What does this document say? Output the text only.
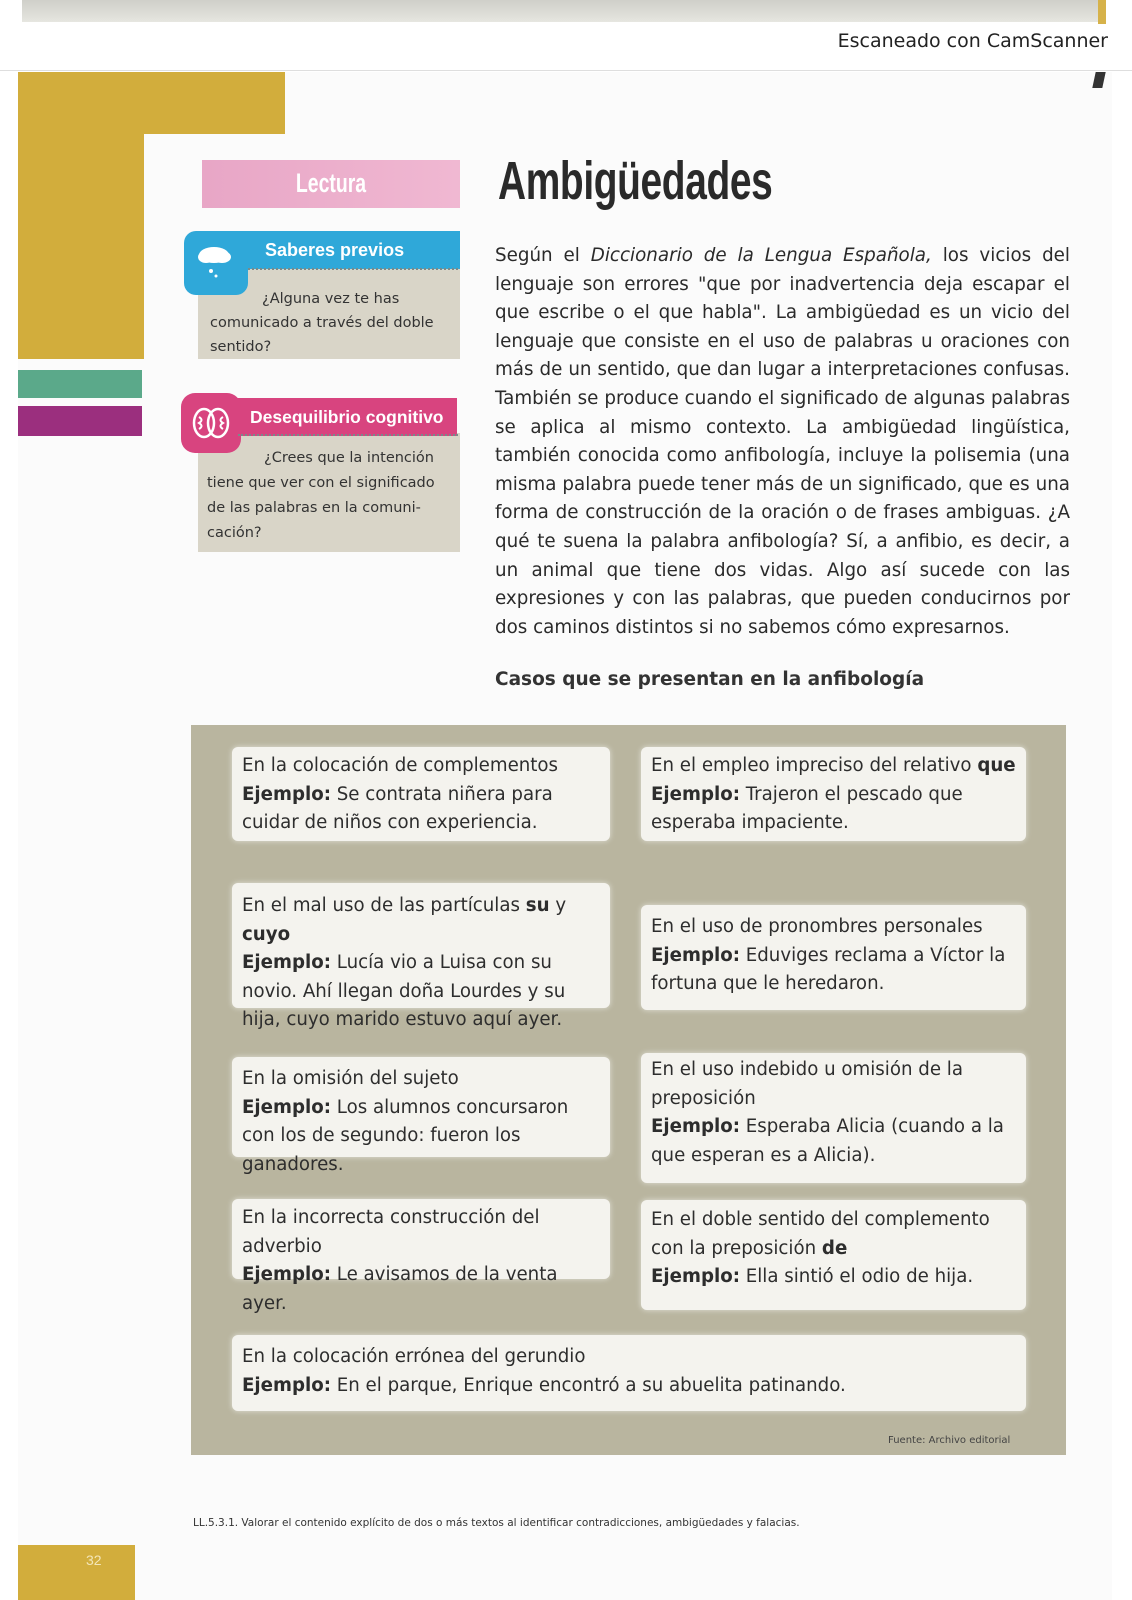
Escaneado con CamScanner
32
Lectura	Ambigüedades
Saberes previos
¿Alguna vez te has
comunicado a través del doble
sentido?
Desequilibrio cognitivo
¿Crees que la intención
tiene que ver con el significado
de las palabras en la comuni-
cación?
Según el Diccionario de la Lengua Española, los vicios del lenguaje son errores "que por inadvertencia deja escapar el que escribe o el que habla". La ambigüedad es un vicio del lenguaje que consiste en el uso de palabras u oraciones con más de un sentido, que dan lugar a interpretaciones confusas. También se produce cuando el significado de algunas palabras se aplica al mismo contexto. La ambigüedad lingüística, también conocida como anfibología, incluye la polisemia (una misma palabra puede tener más de un significado, que es una forma de construcción de la oración o de frases ambiguas. ¿A qué te suena la palabra anfibología? Sí, a anfibio, es decir, a un animal que tiene dos vidas. Algo así sucede con las expresiones y con las palabras, que pueden conducirnos por dos caminos distintos si no sabemos cómo expresarnos.
Casos que se presentan en la anfibología
En la colocación de complementos
Ejemplo: Se contrata niñera para cuidar de niños con experiencia.
En el empleo impreciso del relativo que
Ejemplo: Trajeron el pescado que esperaba impaciente.
En el mal uso de las partículas su y cuyo
Ejemplo: Lucía vio a Luisa con su novio. Ahí llegan doña Lourdes y su hija, cuyo marido estuvo aquí ayer.
En el uso de pronombres personales
Ejemplo: Eduviges reclama a Víctor la fortuna que le heredaron.
En la omisión del sujeto
Ejemplo: Los alumnos concursaron con los de segundo: fueron los ganadores.
En el uso indebido u omisión de la preposición
Ejemplo: Esperaba Alicia (cuando a la que esperan es a Alicia).
En la incorrecta construcción del adverbio
Ejemplo: Le avisamos de la venta ayer.
En el doble sentido del complemento con la preposición de
Ejemplo: Ella sintió el odio de hija.
En la colocación errónea del gerundio
Ejemplo: En el parque, Enrique encontró a su abuelita patinando.
Fuente: Archivo editorial
LL.5.3.1. Valorar el contenido explícito de dos o más textos al identificar contradicciones, ambigüedades y falacias.
